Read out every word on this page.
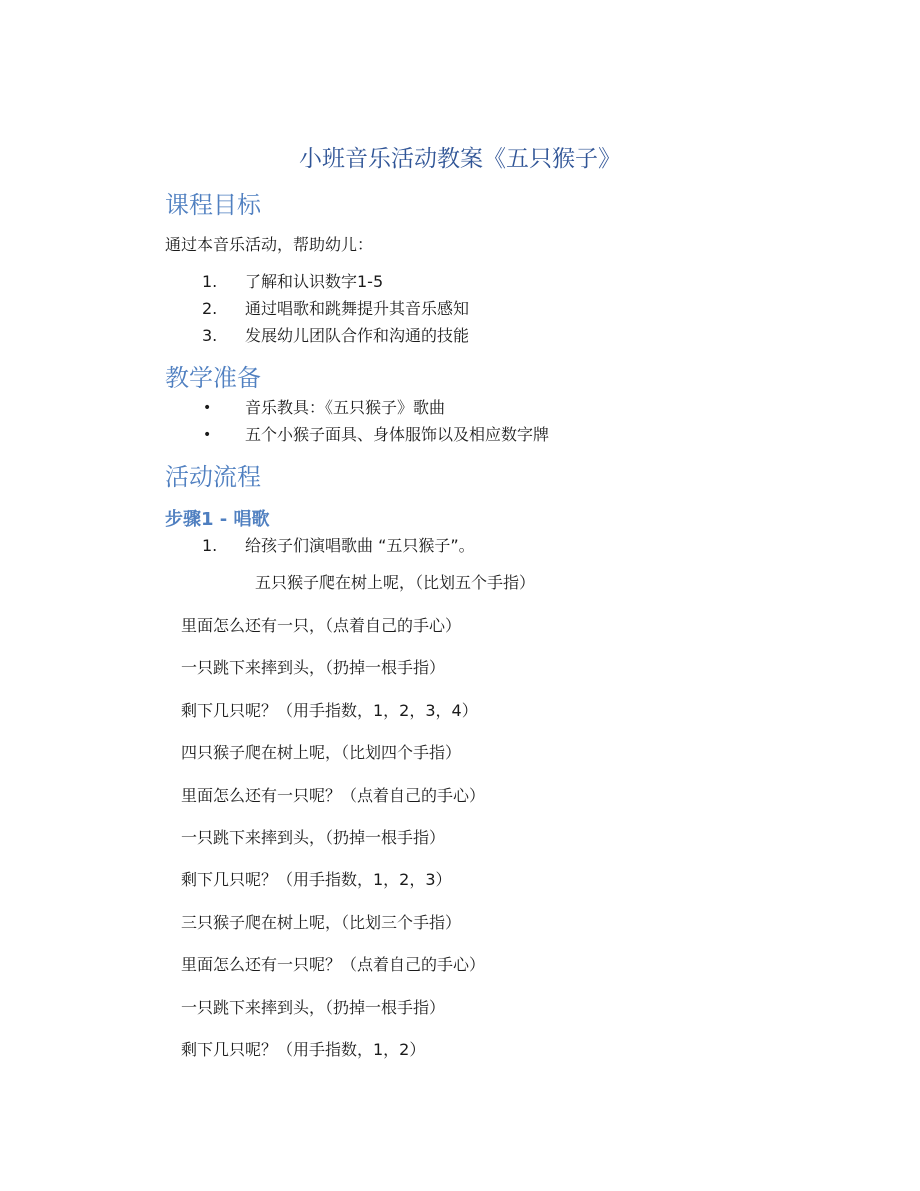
小班音乐活动教案《五只猴子》
课程目标
通过本音乐活动，帮助幼儿：
1.	了解和认识数字1-5
2.	通过唱歌和跳舞提升其音乐感知
3.	发展幼儿团队合作和沟通的技能
教学准备
• 音乐教具：《五只猴子》歌曲
• 五个小猴子面具、身体服饰以及相应数字牌
活动流程
步骤1 - 唱歌
1.	给孩子们演唱歌曲 “五只猴子”。
五只猴子爬在树上呢，（比划五个手指）
里面怎么还有一只，（点着自己的手心）
一只跳下来摔到头，（扔掉一根手指）
剩下几只呢？（用手指数，1，2，3，4）
四只猴子爬在树上呢，（比划四个手指）
里面怎么还有一只呢？（点着自己的手心）
一只跳下来摔到头，（扔掉一根手指）
剩下几只呢？（用手指数，1，2，3）
三只猴子爬在树上呢，（比划三个手指）
里面怎么还有一只呢？（点着自己的手心）
一只跳下来摔到头，（扔掉一根手指）
剩下几只呢？（用手指数，1，2）
